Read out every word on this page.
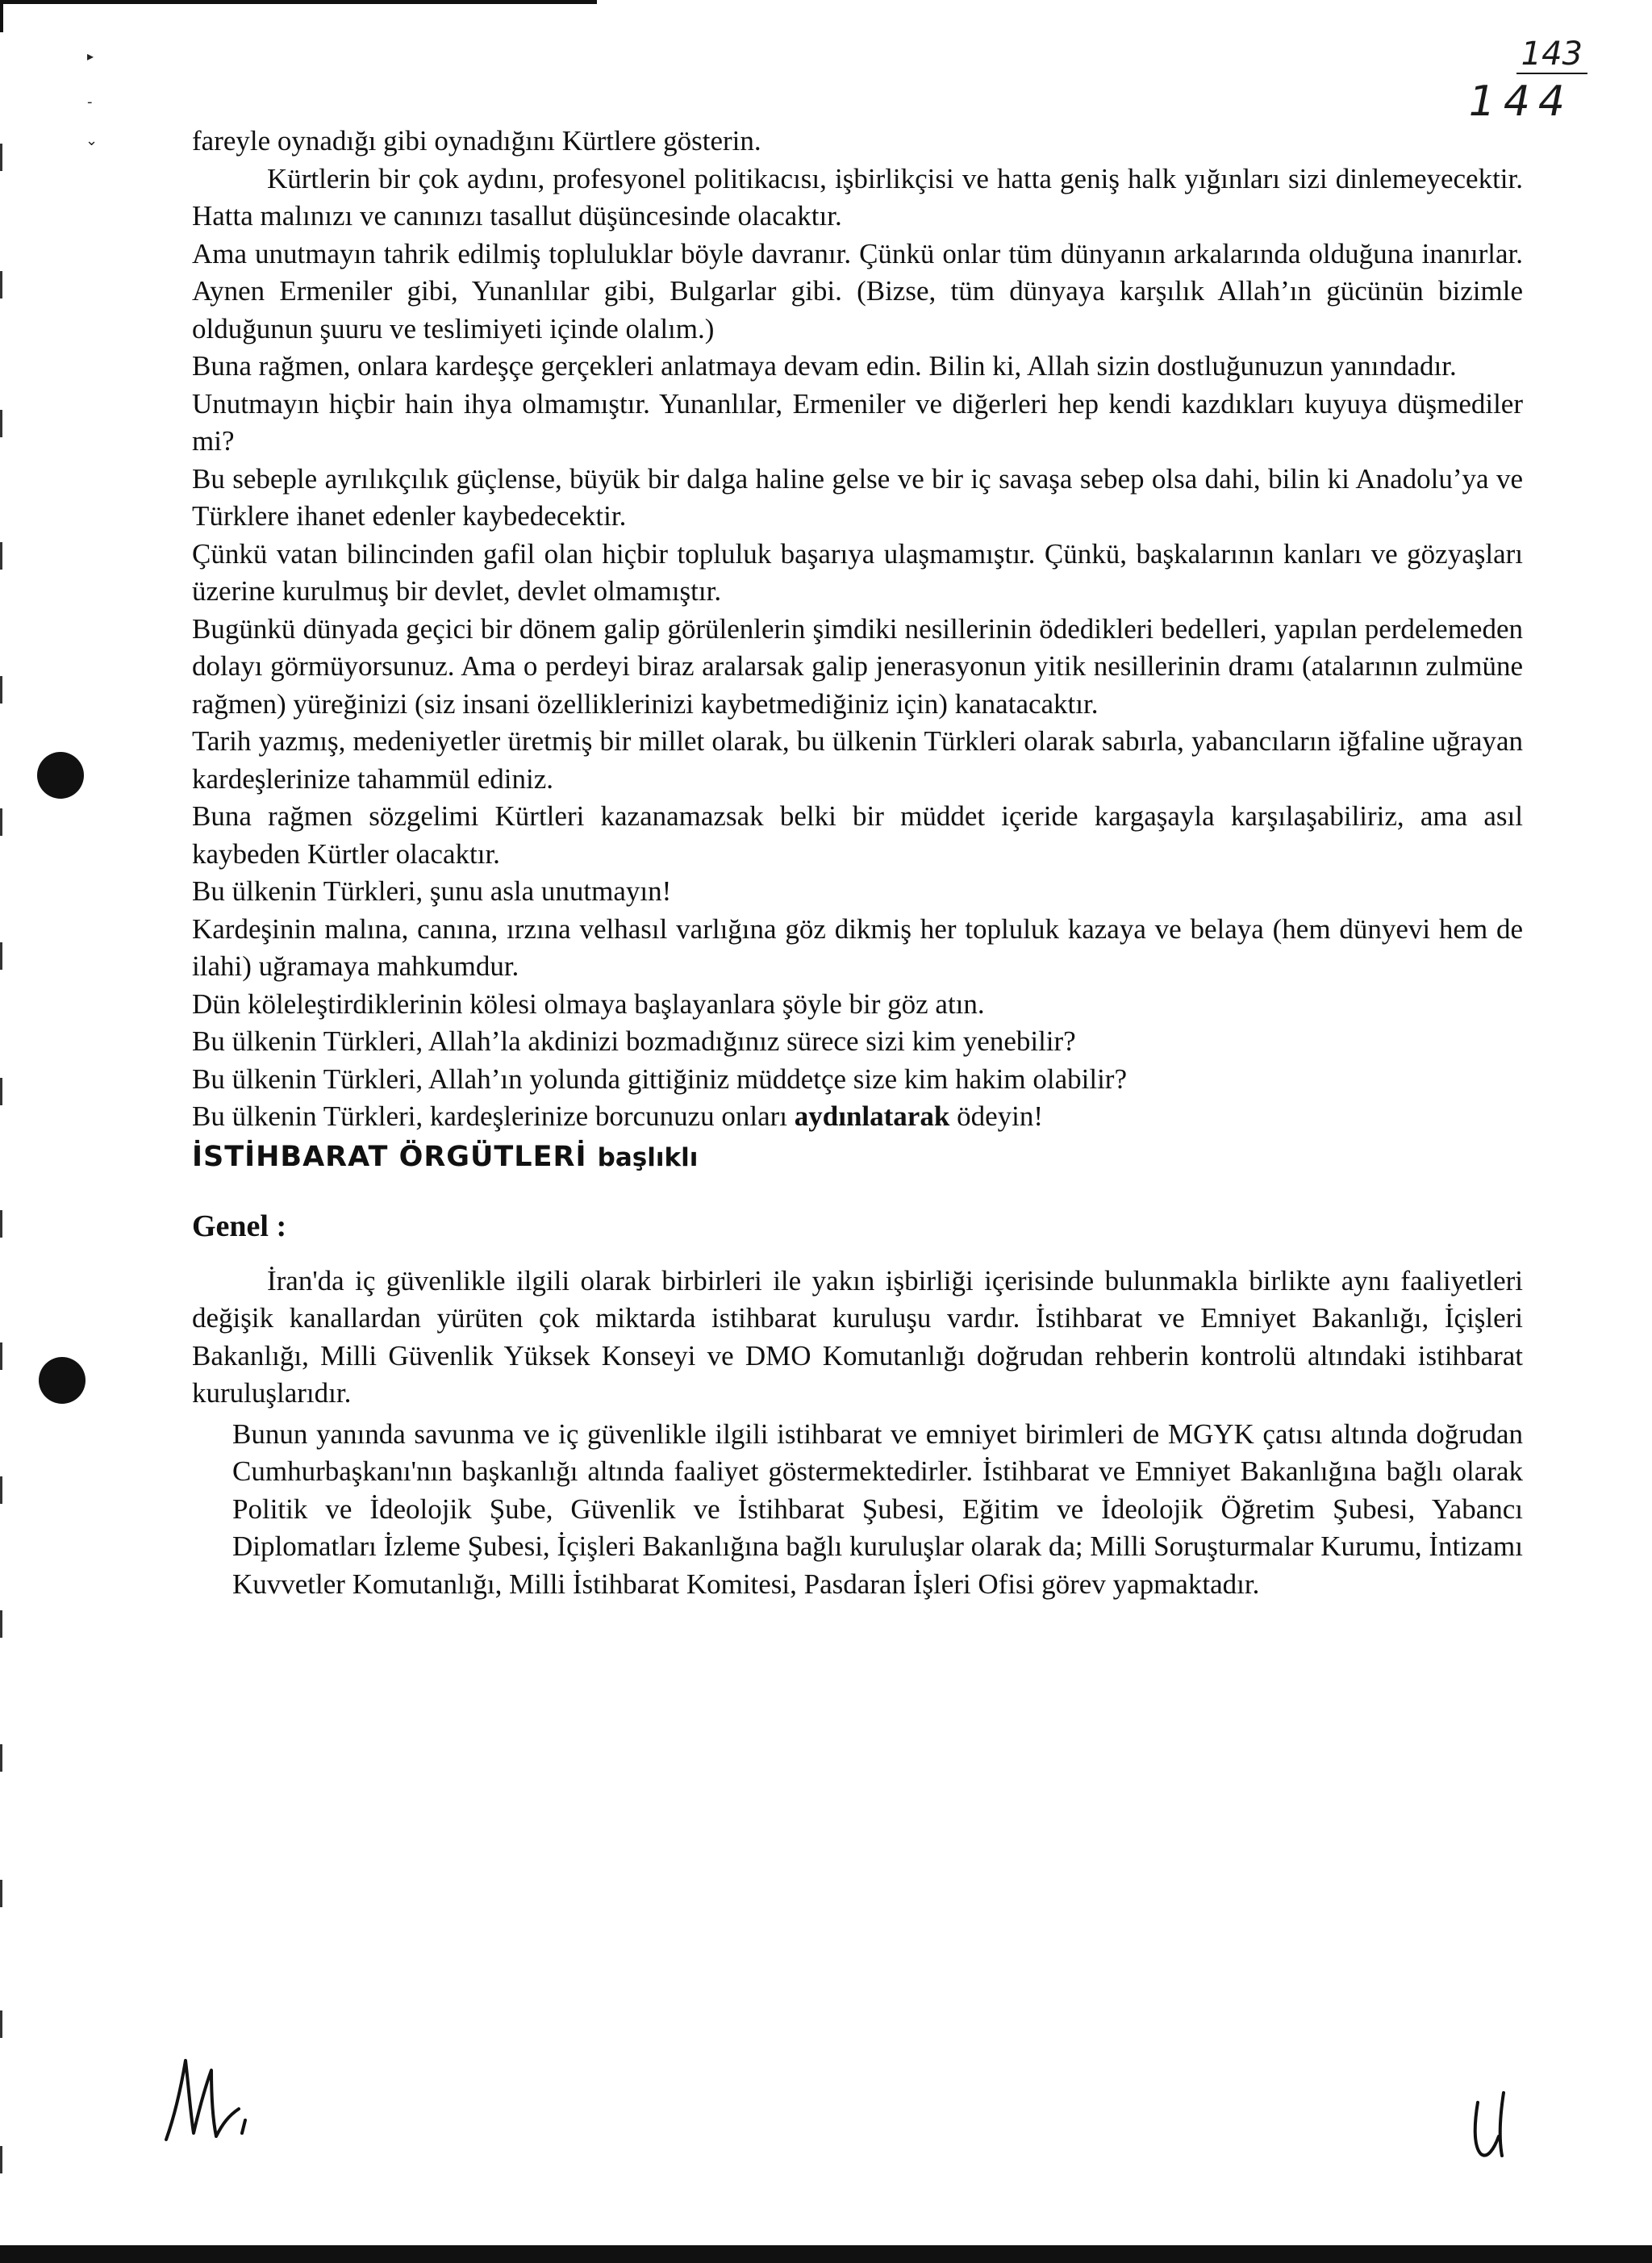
▸
-
⌄
143
144

fareyle oynadığı gibi oynadığını Kürtlere gösterin.

Kürtlerin bir çok aydını, profesyonel politikacısı, işbirlikçisi ve hatta geniş halk yığınları sizi dinlemeyecektir. Hatta malınızı ve canınızı tasallut düşüncesinde olacaktır.

Ama unutmayın tahrik edilmiş topluluklar böyle davranır. Çünkü onlar tüm dünyanın arkalarında olduğuna inanırlar. Aynen Ermeniler gibi, Yunanlılar gibi, Bulgarlar gibi. (Bizse, tüm dünyaya karşılık Allah’ın gücünün bizimle olduğunun şuuru ve teslimiyeti içinde olalım.)

Buna rağmen, onlara kardeşçe gerçekleri anlatmaya devam edin. Bilin ki, Allah sizin dostluğunuzun yanındadır.

Unutmayın hiçbir hain ihya olmamıştır. Yunanlılar, Ermeniler ve diğerleri hep kendi kazdıkları kuyuya düşmediler mi?

Bu sebeple ayrılıkçılık güçlense, büyük bir dalga haline gelse ve bir iç savaşa sebep olsa dahi, bilin ki Anadolu’ya ve Türklere ihanet edenler kaybedecektir.

Çünkü vatan bilincinden gafil olan hiçbir topluluk başarıya ulaşmamıştır. Çünkü, başkalarının kanları ve gözyaşları üzerine kurulmuş bir devlet, devlet olmamıştır.

Bugünkü dünyada geçici bir dönem galip görülenlerin şimdiki nesillerinin ödedikleri bedelleri, yapılan perdelemeden dolayı görmüyorsunuz. Ama o perdeyi biraz aralarsak galip jenerasyonun yitik nesillerinin dramı (atalarının zulmüne rağmen) yüreğinizi (siz insani özelliklerinizi kaybetmediğiniz için) kanatacaktır.

Tarih yazmış, medeniyetler üretmiş bir millet olarak, bu ülkenin Türkleri olarak sabırla, yabancıların iğfaline uğrayan kardeşlerinize tahammül ediniz.

Buna rağmen sözgelimi Kürtleri kazanamazsak belki bir müddet içeride kargaşayla karşılaşabiliriz, ama asıl kaybeden Kürtler olacaktır.

Bu ülkenin Türkleri, şunu asla unutmayın!

Kardeşinin malına, canına, ırzına velhasıl varlığına göz dikmiş her topluluk kazaya ve belaya (hem dünyevi hem de ilahi) uğramaya mahkumdur.

Dün köleleştirdiklerinin kölesi olmaya başlayanlara şöyle bir göz atın.

Bu ülkenin Türkleri, Allah’la akdinizi bozmadığınız sürece sizi kim yenebilir?

Bu ülkenin Türkleri, Allah’ın yolunda gittiğiniz müddetçe size kim hakim olabilir?

Bu ülkenin Türkleri, kardeşlerinize borcunuzu onları aydınlatarak ödeyin!

İSTİHBARAT ÖRGÜTLERİ başlıklı

Genel :

İran'da iç güvenlikle ilgili olarak birbirleri ile yakın işbirliği içerisinde bulunmakla birlikte aynı faaliyetleri değişik kanallardan yürüten çok miktarda istihbarat kuruluşu vardır. İstihbarat ve Emniyet Bakanlığı, İçişleri Bakanlığı, Milli Güvenlik Yüksek Konseyi ve DMO Komutanlığı doğrudan rehberin kontrolü altındaki istihbarat kuruluşlarıdır.

Bunun yanında savunma ve iç güvenlikle ilgili istihbarat ve emniyet birimleri de MGYK çatısı altında doğrudan Cumhurbaşkanı'nın başkanlığı altında faaliyet göstermektedirler. İstihbarat ve Emniyet Bakanlığına bağlı olarak Politik ve İdeolojik Şube, Güvenlik ve İstihbarat Şubesi, Eğitim ve İdeolojik Öğretim Şubesi, Yabancı Diplomatları İzleme Şubesi, İçişleri Bakanlığına bağlı kuruluşlar olarak da; Milli Soruşturmalar Kurumu, İntizamı Kuvvetler Komutanlığı, Milli İstihbarat Komitesi, Pasdaran İşleri Ofisi görev yapmaktadır.
